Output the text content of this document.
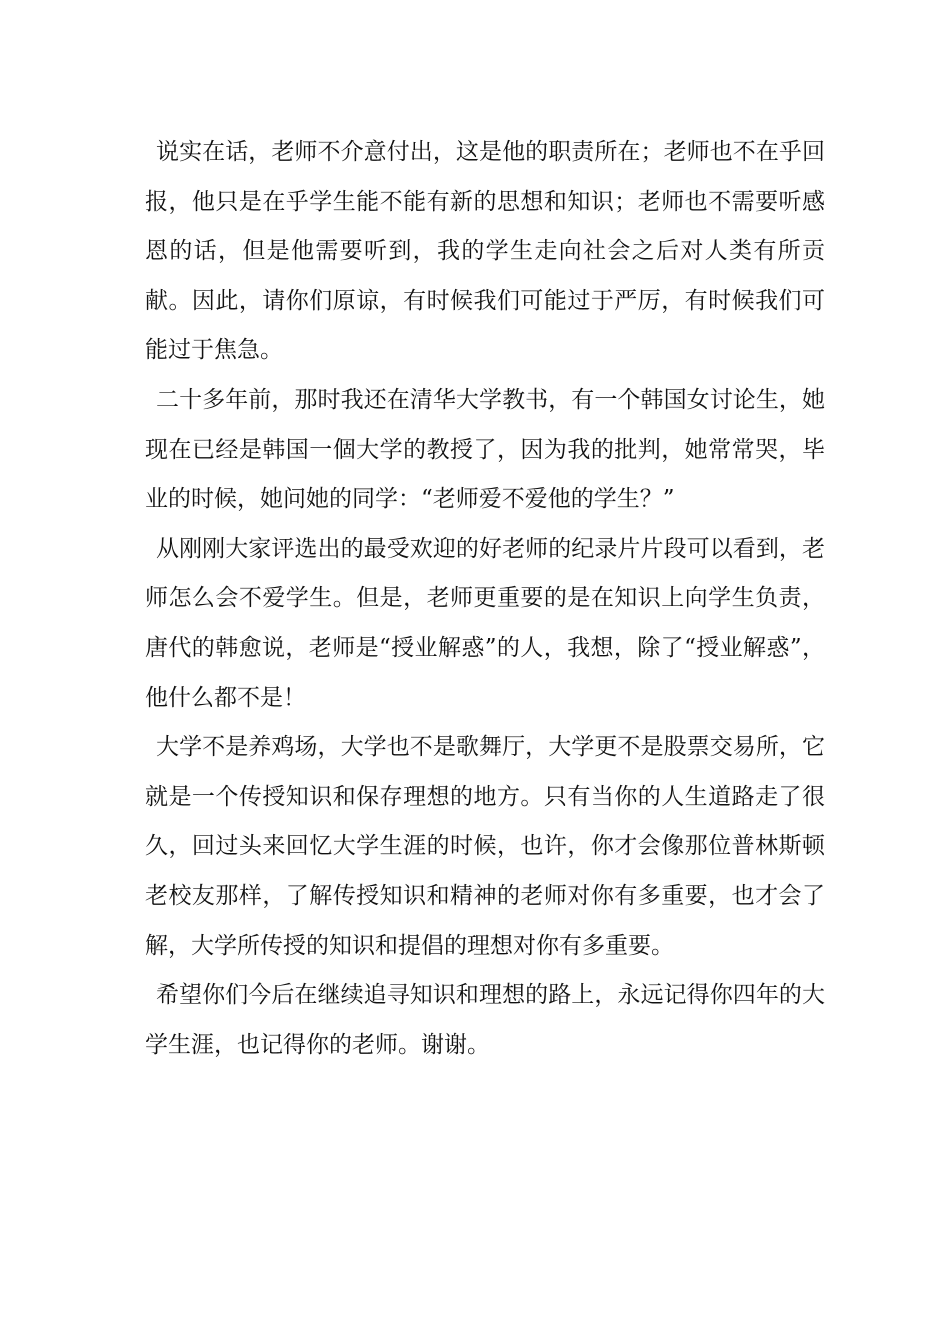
说实在话，老师不介意付出，这是他的职责所在；老师也不在乎回报，他只是在乎学生能不能有新的思想和知识；老师也不需要听感恩的话，但是他需要听到，我的学生走向社会之后对人类有所贡献。因此，请你们原谅，有时候我们可能过于严厉，有时候我们可能过于焦急。

二十多年前，那时我还在清华大学教书，有一个韩国女讨论生，她现在已经是韩国一個大学的教授了，因为我的批判，她常常哭，毕业的时候，她问她的同学：“老师爱不爱他的学生？”

从刚刚大家评选出的最受欢迎的好老师的纪录片片段可以看到，老师怎么会不爱学生。但是，老师更重要的是在知识上向学生负责，唐代的韩愈说，老师是“授业解惑”的人，我想，除了“授业解惑”，他什么都不是！

大学不是养鸡场，大学也不是歌舞厅，大学更不是股票交易所，它就是一个传授知识和保存理想的地方。只有当你的人生道路走了很久，回过头来回忆大学生涯的时候，也许，你才会像那位普林斯顿老校友那样，了解传授知识和精神的老师对你有多重要，也才会了解，大学所传授的知识和提倡的理想对你有多重要。

希望你们今后在继续追寻知识和理想的路上，永远记得你四年的大学生涯，也记得你的老师。谢谢。
